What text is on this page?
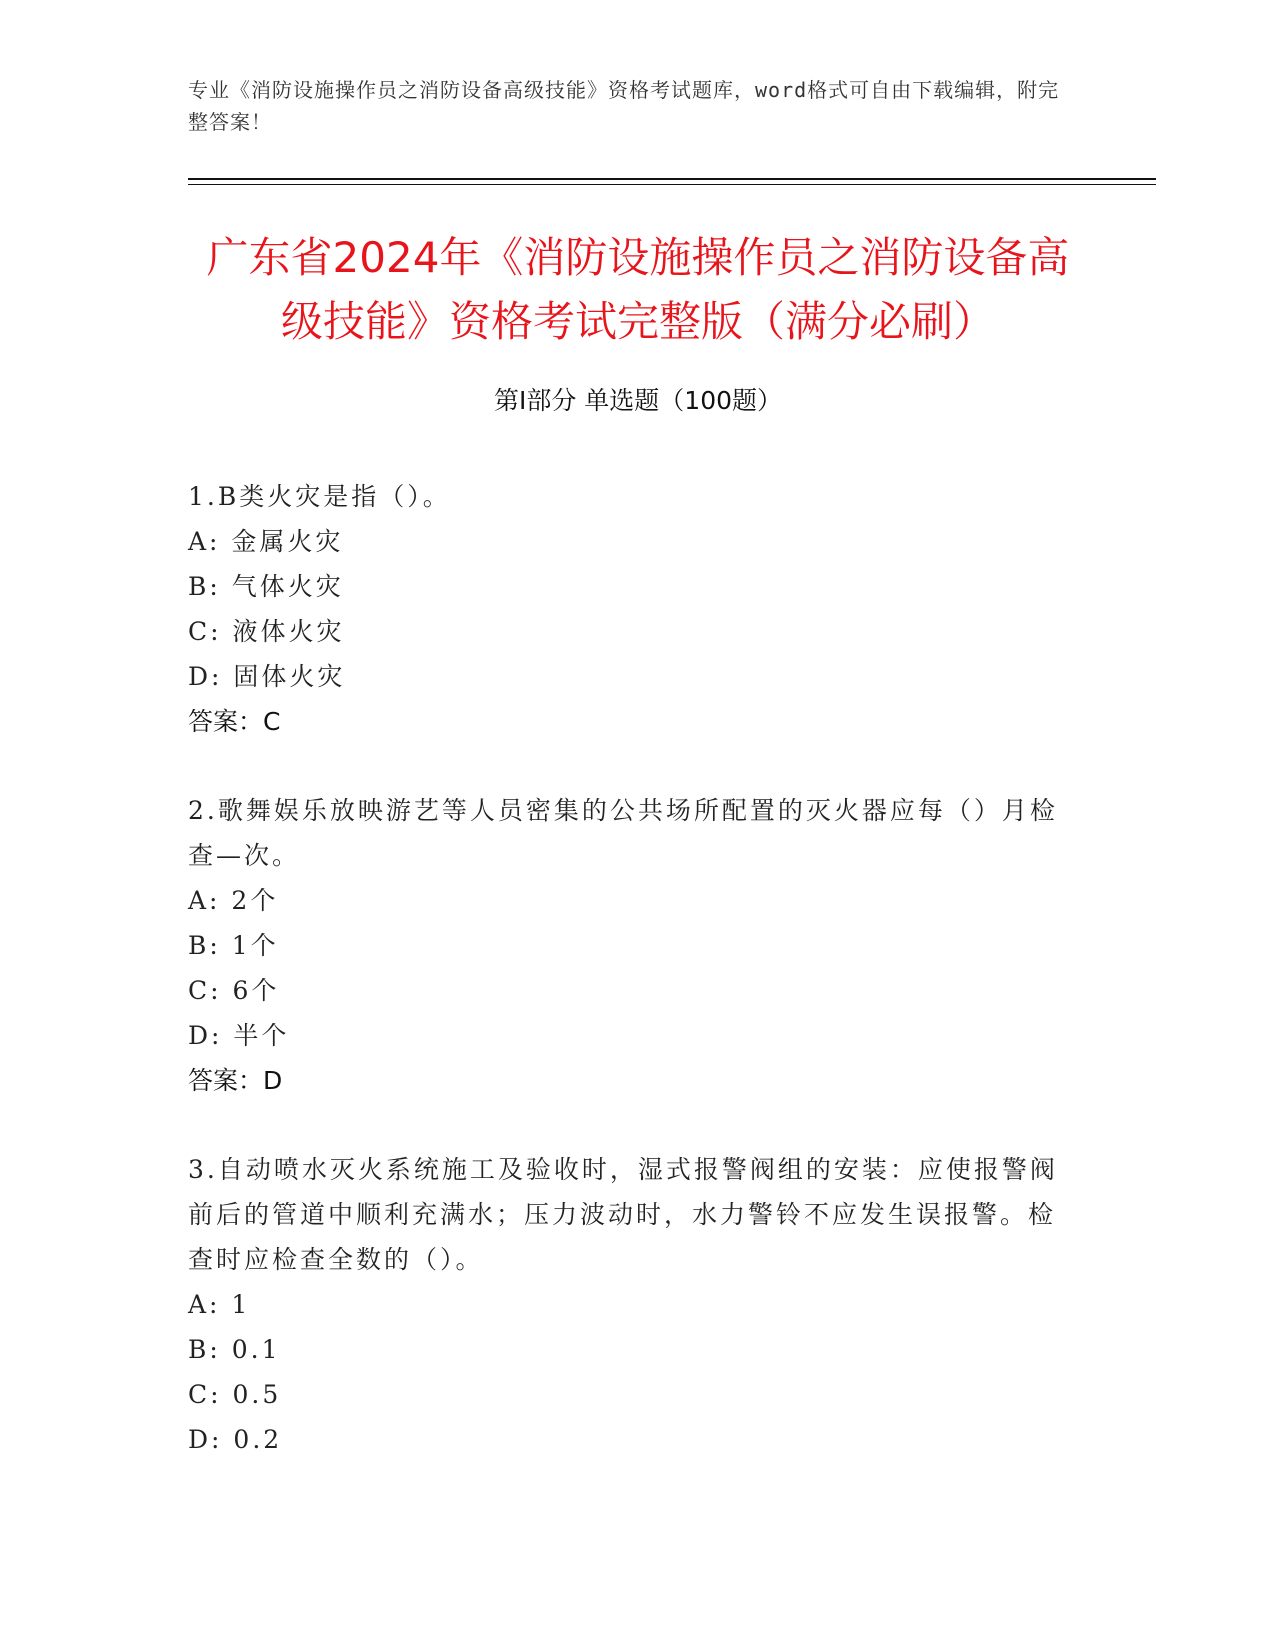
专业《消防设施操作员之消防设备高级技能》资格考试题库，word格式可自由下载编辑，附完整答案！
广东省2024年《消防设施操作员之消防设备高级技能》资格考试完整版（满分必刷）
第Ⅰ部分 单选题（100题）
1.B类火灾是指（）。
A: 金属火灾
B: 气体火灾
C: 液体火灾
D: 固体火灾
答案：C
2.歌舞娱乐放映游艺等人员密集的公共场所配置的灭火器应每（）月检查—次。
A: 2个
B: 1个
C: 6个
D: 半个
答案：D
3.自动喷水灭火系统施工及验收时，湿式报警阀组的安装：应使报警阀前后的管道中顺利充满水；压力波动时，水力警铃不应发生误报警。检查时应检查全数的（）。
A: 1
B: 0.1
C: 0.5
D: 0.2
